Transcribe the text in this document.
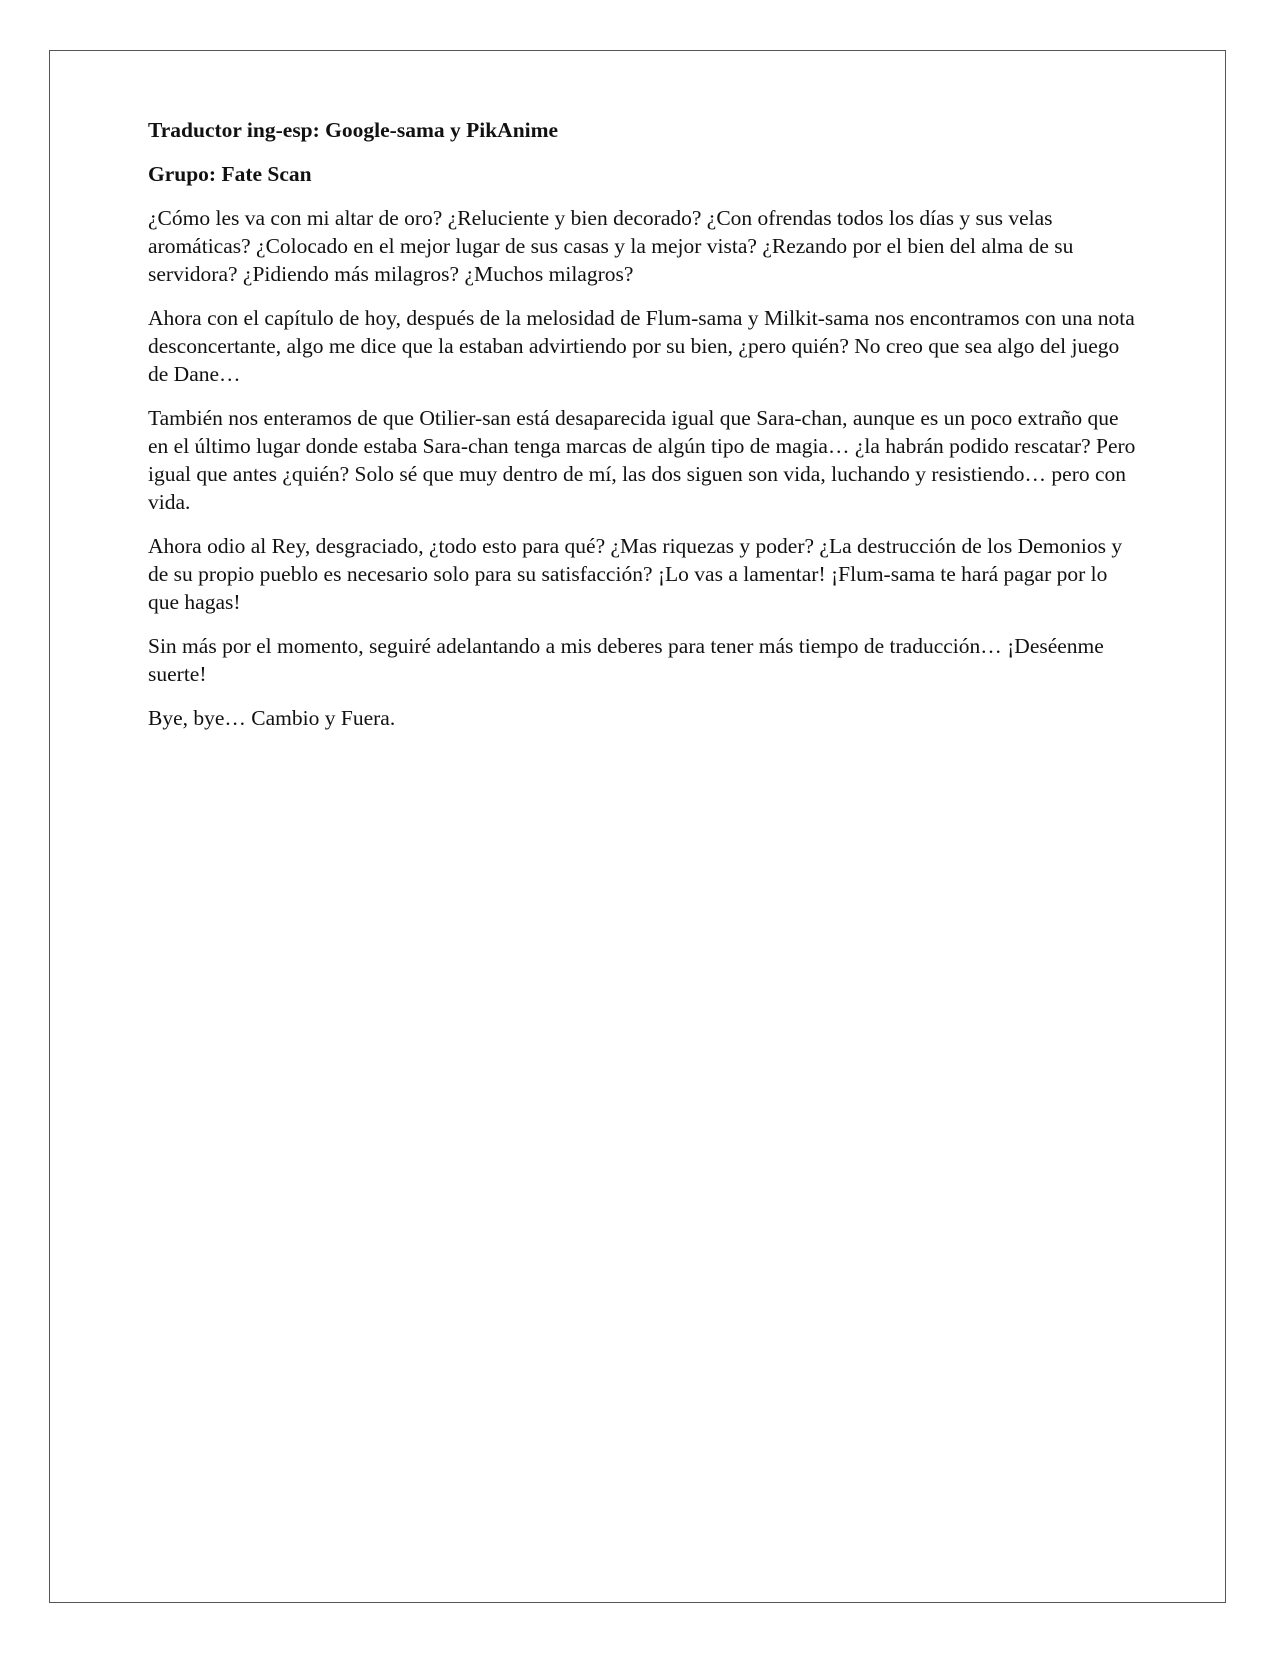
Traductor ing-esp: Google-sama y PikAnime

Grupo: Fate Scan

¿Cómo les va con mi altar de oro? ¿Reluciente y bien decorado? ¿Con ofrendas todos los días y sus velas aromáticas? ¿Colocado en el mejor lugar de sus casas y la mejor vista? ¿Rezando por el bien del alma de su servidora? ¿Pidiendo más milagros? ¿Muchos milagros?

Ahora con el capítulo de hoy, después de la melosidad de Flum-sama y Milkit-sama nos encontramos con una nota desconcertante, algo me dice que la estaban advirtiendo por su bien, ¿pero quién? No creo que sea algo del juego de Dane…

También nos enteramos de que Otilier-san está desaparecida igual que Sara-chan, aunque es un poco extraño que en el último lugar donde estaba Sara-chan tenga marcas de algún tipo de magia… ¿la habrán podido rescatar? Pero igual que antes ¿quién? Solo sé que muy dentro de mí, las dos siguen son vida, luchando y resistiendo… pero con vida.

Ahora odio al Rey, desgraciado, ¿todo esto para qué? ¿Mas riquezas y poder? ¿La destrucción de los Demonios y de su propio pueblo es necesario solo para su satisfacción? ¡Lo vas a lamentar! ¡Flum-sama te hará pagar por lo que hagas!

Sin más por el momento, seguiré adelantando a mis deberes para tener más tiempo de traducción… ¡Deséenme suerte!

Bye, bye… Cambio y Fuera.
